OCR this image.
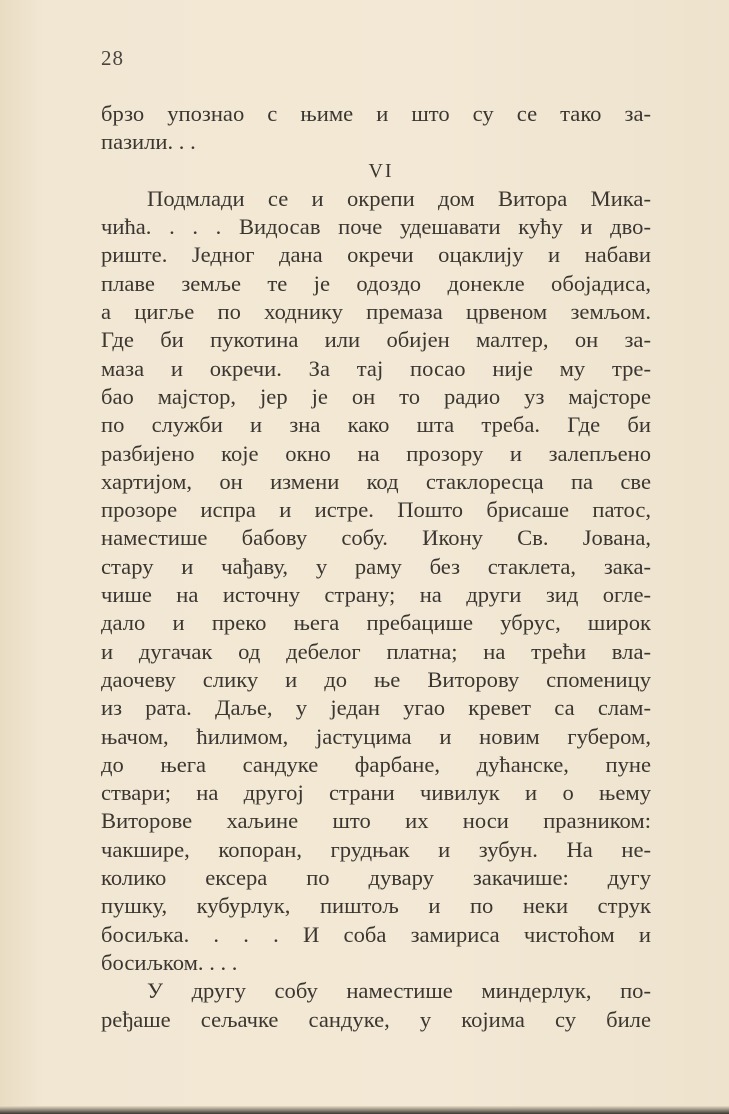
28
брзо упознао с њиме и што су се тако за-
пазили. . .
VI
Подмлади се и окрепи дом Витора Мика-
чића. . . . Видосав поче удешавати кућу и дво-
риште. Једног дана окречи оцаклију и набави
плаве земље те је одоздо донекле обојадиса,
а цигље по ходнику премаза црвеном земљом.
Где би пукотина или обијен малтер, он за-
маза и окречи. За тај посао није му тре-
бао мајстор, јер је он то радио уз мајсторе
по служби и зна како шта треба. Где би
разбијено које окно на прозору и залепљено
хартијом, он измени код стаклоресца па све
прозоре испра и истре. Пошто брисаше патос,
наместише бабову собу. Икону Св. Јована,
стару и чађаву, у раму без стаклета, зака-
чише на источну страну; на други зид огле-
дало и преко њега пребацише убрус, широк
и дугачак од дебелог платна; на трећи вла-
даочеву слику и до ње Виторову споменицу
из рата. Даље, у један угао кревет са слам-
њачом, ћилимом, јастуцима и новим губером,
до њега сандуке фарбане, дућанске, пуне
ствари; на другој страни чивилук и о њему
Виторове хаљине што их носи празником:
чакшире, копоран, грудњак и зубун. На не-
колико ексера по дувару закачише: дугу
пушку, кубурлук, пиштољ и по неки струк
босиљка. . . . И соба замириса чистоћом и
босиљком. . . .
У другу собу наместише миндерлук, по-
ређаше сељачке сандуке, у којима су биле
